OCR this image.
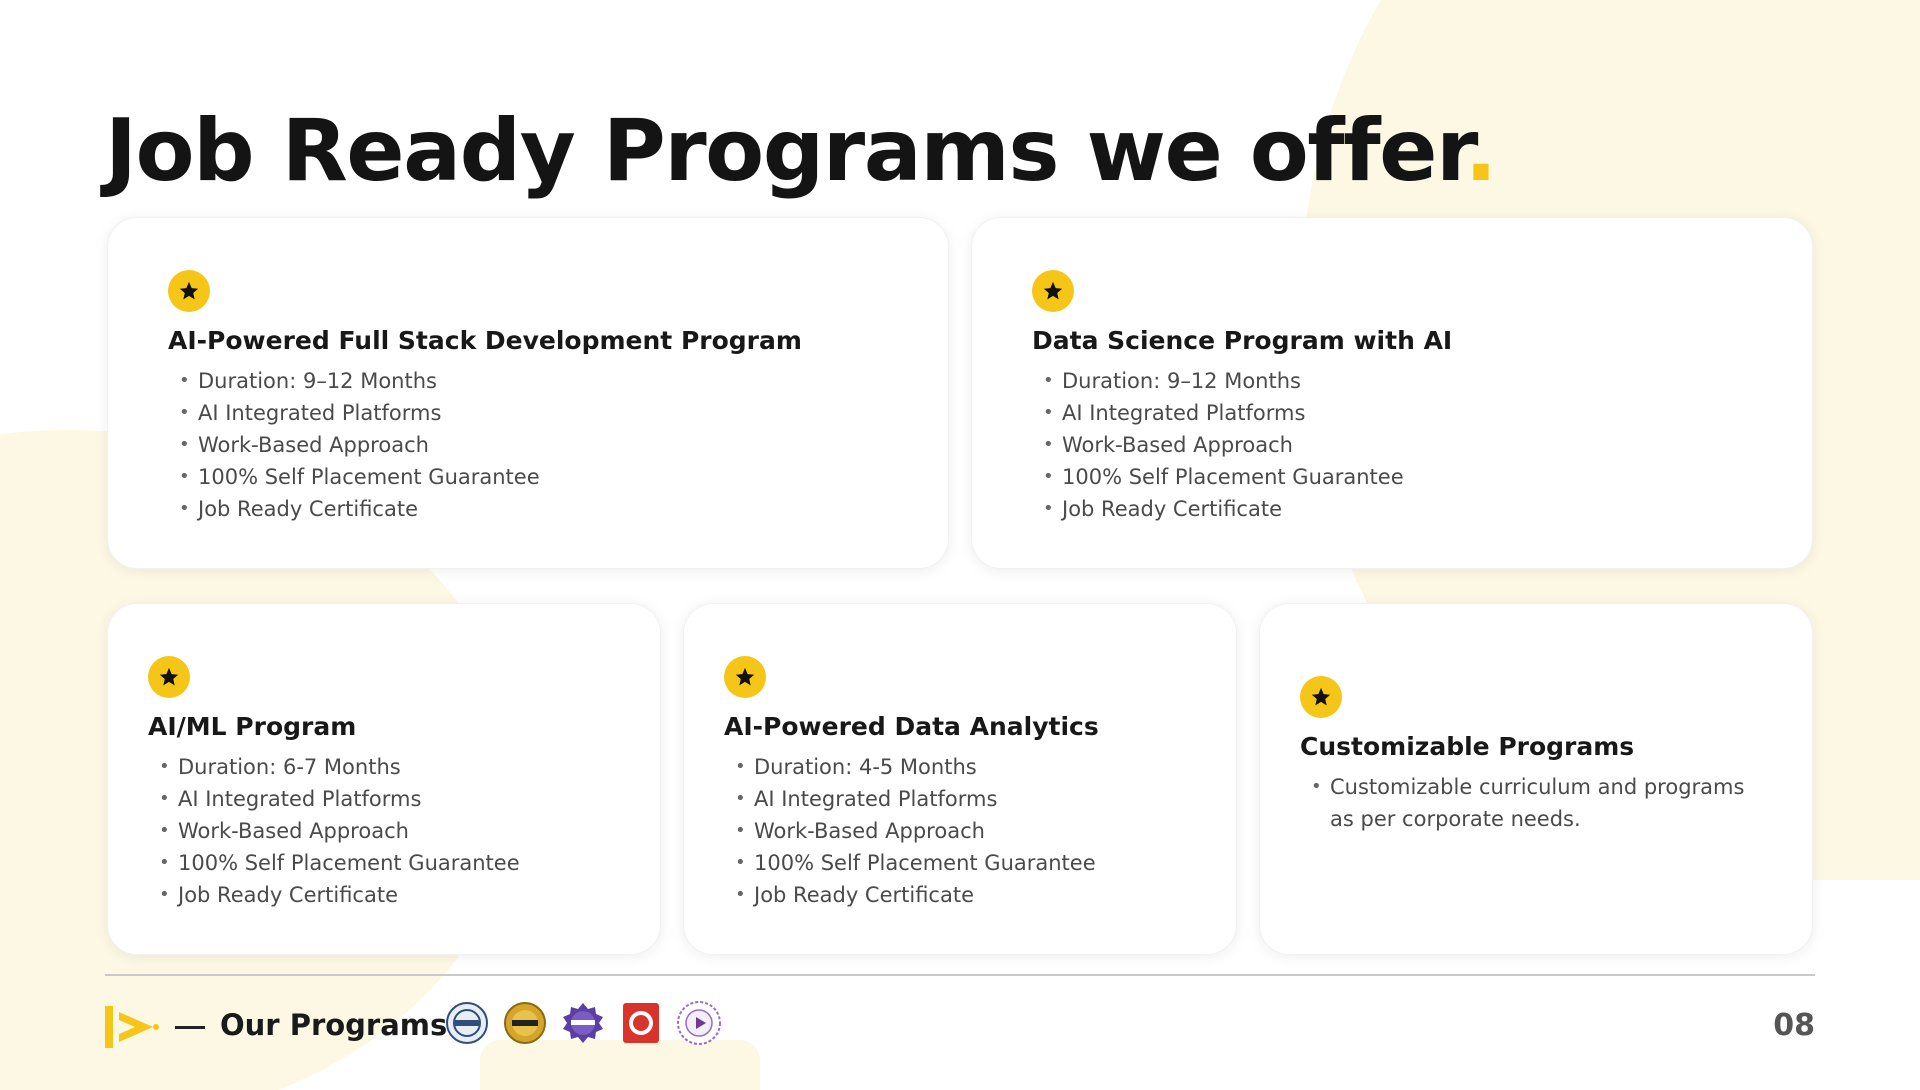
Job Ready Programs we offer.
AI-Powered Full Stack Development Program
• Duration: 9–12 Months
• AI Integrated Platforms
• Work-Based Approach
• 100% Self Placement Guarantee
• Job Ready Certificate
Data Science Program with AI
• Duration: 9–12 Months
• AI Integrated Platforms
• Work-Based Approach
• 100% Self Placement Guarantee
• Job Ready Certificate
AI/ML Program
• Duration: 6-7 Months
• AI Integrated Platforms
• Work-Based Approach
• 100% Self Placement Guarantee
• Job Ready Certificate
AI-Powered Data Analytics
• Duration: 4-5 Months
• AI Integrated Platforms
• Work-Based Approach
• 100% Self Placement Guarantee
• Job Ready Certificate
Customizable Programs
• Customizable curriculum and programs as per corporate needs.
Our Programs	08
